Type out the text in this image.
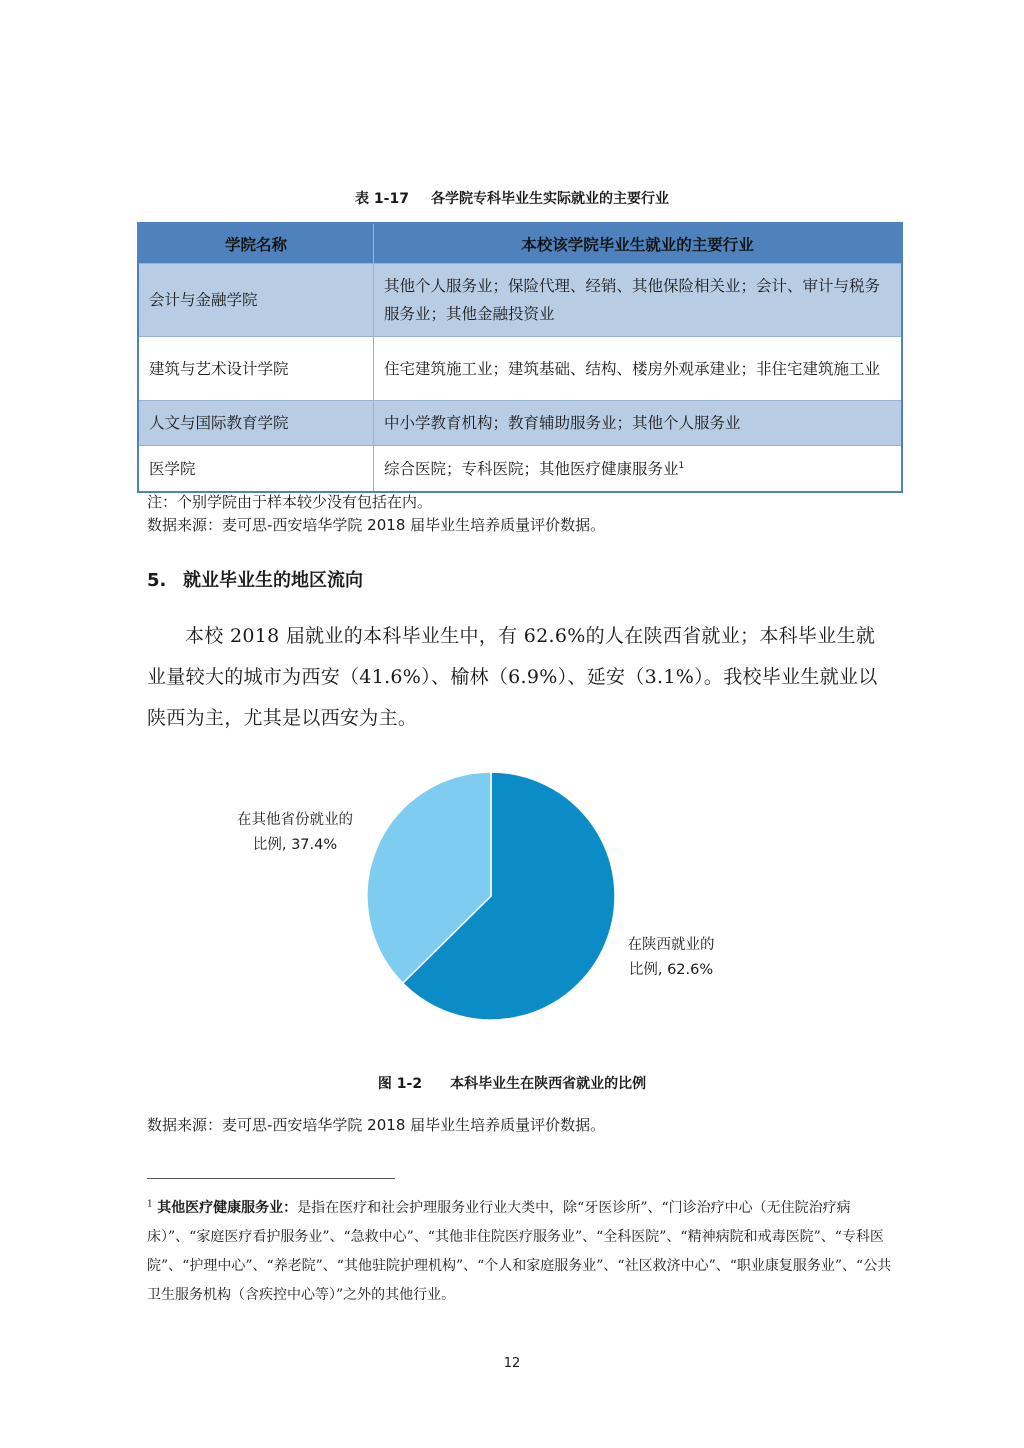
表 1-17 各学院专科毕业生实际就业的主要行业
学院名称	本校该学院毕业生就业的主要行业
会计与金融学院	其他个人服务业；保险代理、经销、其他保险相关业；会计、审计与税务服务业；其他金融投资业
建筑与艺术设计学院	住宅建筑施工业；建筑基础、结构、楼房外观承建业；非住宅建筑施工业
人文与国际教育学院	中小学教育机构；教育辅助服务业；其他个人服务业
医学院	综合医院；专科医院；其他医疗健康服务业$^1$
注：个别学院由于样本较少没有包括在内。
数据来源：麦可思-西安培华学院 2018 届毕业生培养质量评价数据。
5. 就业毕业生的地区流向
本校 2018 届就业的本科毕业生中，有 62.6%的人在陕西省就业；本科毕业生就业量较大的城市为西安（41.6%）、榆林（6.9%）、延安（3.1%）。我校毕业生就业以陕西为主，尤其是以西安为主。
在其他省份就业的
比例, 37.4%
在陕西就业的
比例, 62.6%
图 1-2 本科毕业生在陕西省就业的比例
数据来源：麦可思-西安培华学院 2018 届毕业生培养质量评价数据。
$^1$ 其他医疗健康服务业：是指在医疗和社会护理服务业行业大类中，除“牙医诊所”、“门诊治疗中心（无住院治疗病床）”、“家庭医疗看护服务业”、“急救中心”、“其他非住院医疗服务业”、“全科医院”、“精神病院和戒毒医院”、“专科医院”、“护理中心”、“养老院”、“其他驻院护理机构”、“个人和家庭服务业”、“社区救济中心”、“职业康复服务业”、“公共卫生服务机构（含疾控中心等）”之外的其他行业。
12
